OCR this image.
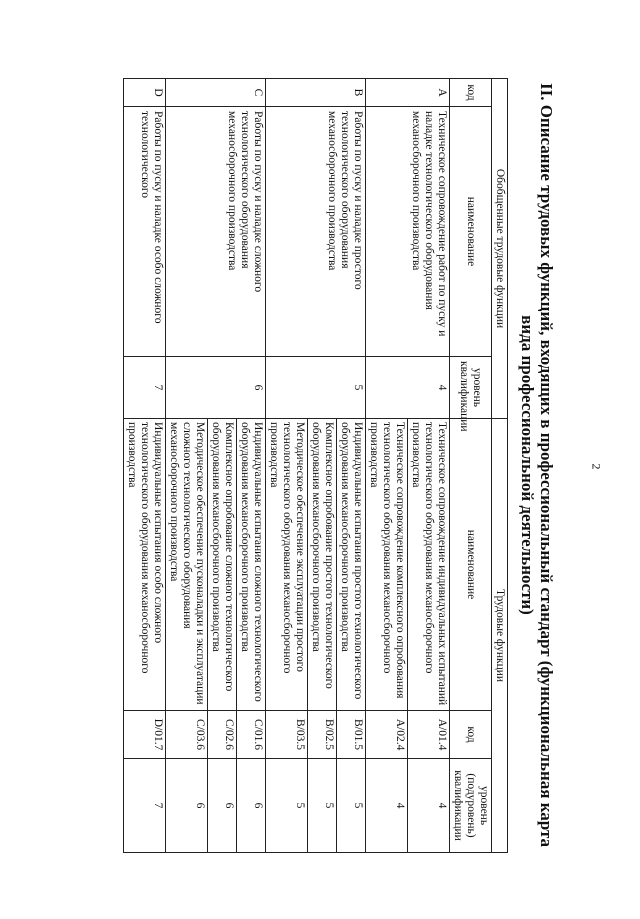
2
II. Описание трудовых функций, входящих в профессиональный стандарт (функциональная карта вида профессиональной деятельности)
Обобщенные трудовые функции			Трудовые функции		
код	наименование	уровень квалификации	наименование	код	уровень (подуровень) квалификации
A	Техническое сопровождение работ по пуску и наладке технологического оборудования механосборочного производства	4	Техническое сопровождение индивидуальных испытаний технологического оборудования механосборочного производства	A/01.4	4
			Техническое сопровождение комплексного опробования технологического оборудования механосборочного производства	A/02.4	4
B	Работы по пуску и наладке простого технологического оборудования механосборочного производства	5	Индивидуальные испытания простого технологического оборудования механосборочного производства	B/01.5	5
			Комплексное опробование простого технологического оборудования механосборочного производства	B/02.5	5
			Методическое обеспечение эксплуатации простого технологического оборудования механосборочного производства	B/03.5	5
C	Работы по пуску и наладке сложного технологического оборудования механосборочного производства	6	Индивидуальные испытания сложного технологического оборудования механосборочного производства	C/01.6	6
			Комплексное опробование сложного технологического оборудования механосборочного производства	C/02.6	6
			Методическое обеспечение пусконаладки и эксплуатации сложного технологического оборудования механосборочного производства	C/03.6	6
D	Работы по пуску и наладке особо сложного технологического	7	Индивидуальные испытания особо сложного технологического оборудования механосборочного производства	D/01.7	7
